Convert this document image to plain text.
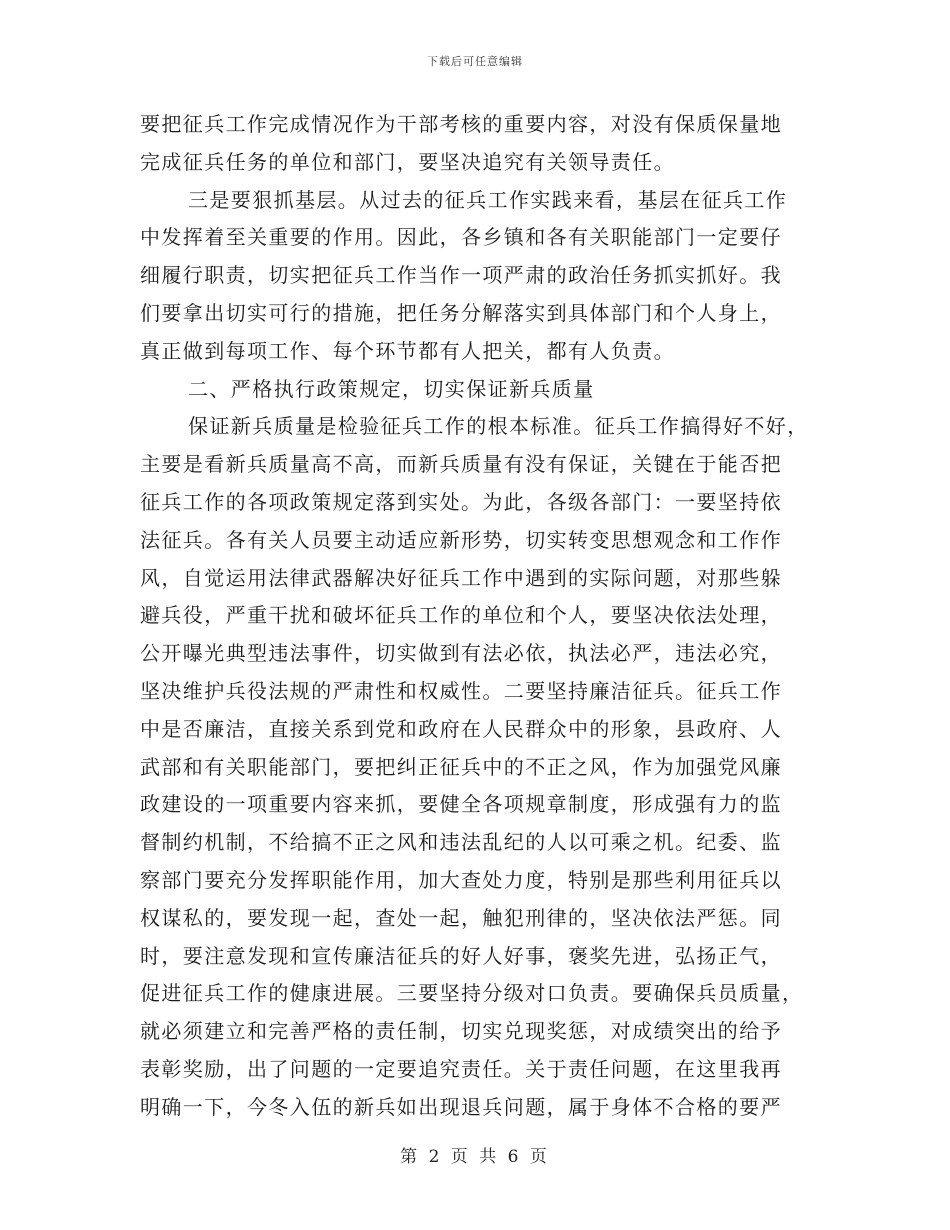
下载后可任意编辑
要把征兵工作完成情况作为干部考核的重要内容，对没有保质保量地
完成征兵任务的单位和部门，要坚决追究有关领导责任。
三是要狠抓基层。从过去的征兵工作实践来看，基层在征兵工作
中发挥着至关重要的作用。因此，各乡镇和各有关职能部门一定要仔
细履行职责，切实把征兵工作当作一项严肃的政治任务抓实抓好。我
们要拿出切实可行的措施，把任务分解落实到具体部门和个人身上，
真正做到每项工作、每个环节都有人把关，都有人负责。
二、严格执行政策规定，切实保证新兵质量
保证新兵质量是检验征兵工作的根本标准。征兵工作搞得好不好，
主要是看新兵质量高不高，而新兵质量有没有保证，关键在于能否把
征兵工作的各项政策规定落到实处。为此，各级各部门：一要坚持依
法征兵。各有关人员要主动适应新形势，切实转变思想观念和工作作
风，自觉运用法律武器解决好征兵工作中遇到的实际问题，对那些躲
避兵役，严重干扰和破坏征兵工作的单位和个人，要坚决依法处理，
公开曝光典型违法事件，切实做到有法必依，执法必严，违法必究，
坚决维护兵役法规的严肃性和权威性。二要坚持廉洁征兵。征兵工作
中是否廉洁，直接关系到党和政府在人民群众中的形象，县政府、人
武部和有关职能部门，要把纠正征兵中的不正之风，作为加强党风廉
政建设的一项重要内容来抓，要健全各项规章制度，形成强有力的监
督制约机制，不给搞不正之风和违法乱纪的人以可乘之机。纪委、监
察部门要充分发挥职能作用，加大查处力度，特别是那些利用征兵以
权谋私的，要发现一起，查处一起，触犯刑律的，坚决依法严惩。同
时，要注意发现和宣传廉洁征兵的好人好事，褒奖先进，弘扬正气，
促进征兵工作的健康进展。三要坚持分级对口负责。要确保兵员质量，
就必须建立和完善严格的责任制，切实兑现奖惩，对成绩突出的给予
表彰奖励，出了问题的一定要追究责任。关于责任问题，在这里我再
明确一下，今冬入伍的新兵如出现退兵问题，属于身体不合格的要严
第 2 页 共 6 页
